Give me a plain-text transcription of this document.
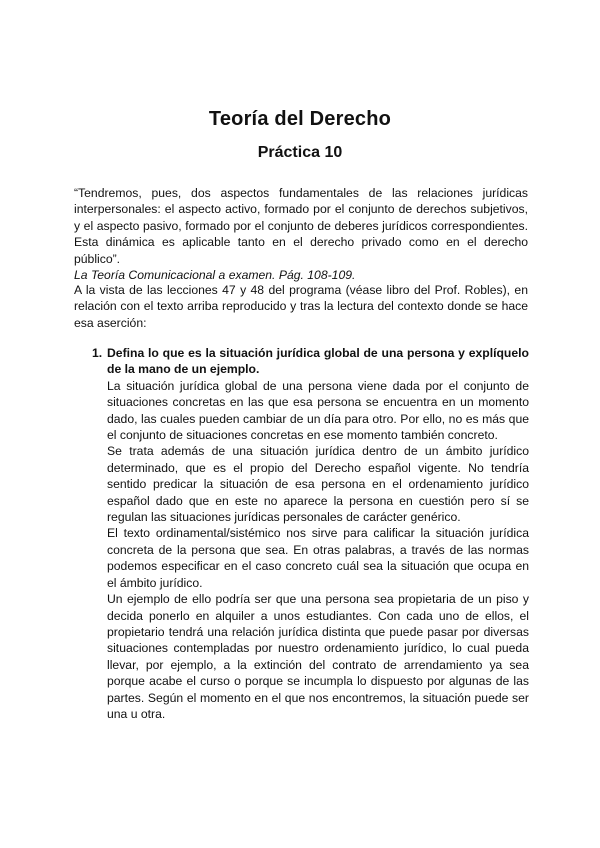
Teoría del Derecho
Práctica 10
“Tendremos, pues, dos aspectos fundamentales de las relaciones jurídicas interpersonales: el aspecto activo, formado por el conjunto de derechos subjetivos, y el aspecto pasivo, formado por el conjunto de deberes jurídicos correspondientes. Esta dinámica es aplicable tanto en el derecho privado como en el derecho público”.
La Teoría Comunicacional a examen. Pág. 108-109.
A la vista de las lecciones 47 y 48 del programa (véase libro del Prof. Robles), en relación con el texto arriba reproducido y tras la lectura del contexto donde se hace esa aserción:
1. Defina lo que es la situación jurídica global de una persona y explíquelo de la mano de un ejemplo.

La situación jurídica global de una persona viene dada por el conjunto de situaciones concretas en las que esa persona se encuentra en un momento dado, las cuales pueden cambiar de un día para otro. Por ello, no es más que el conjunto de situaciones concretas en ese momento también concreto.

Se trata además de una situación jurídica dentro de un ámbito jurídico determinado, que es el propio del Derecho español vigente. No tendría sentido predicar la situación de esa persona en el ordenamiento jurídico español dado que en este no aparece la persona en cuestión pero sí se regulan las situaciones jurídicas personales de carácter genérico.

El texto ordinamental/sistémico nos sirve para calificar la situación jurídica concreta de la persona que sea. En otras palabras, a través de las normas podemos especificar en el caso concreto cuál sea la situación que ocupa en el ámbito jurídico.

Un ejemplo de ello podría ser que una persona sea propietaria de un piso y decida ponerlo en alquiler a unos estudiantes. Con cada uno de ellos, el propietario tendrá una relación jurídica distinta que puede pasar por diversas situaciones contempladas por nuestro ordenamiento jurídico, lo cual pueda llevar, por ejemplo, a la extinción del contrato de arrendamiento ya sea porque acabe el curso o porque se incumpla lo dispuesto por algunas de las partes. Según el momento en el que nos encontremos, la situación puede ser una u otra.
